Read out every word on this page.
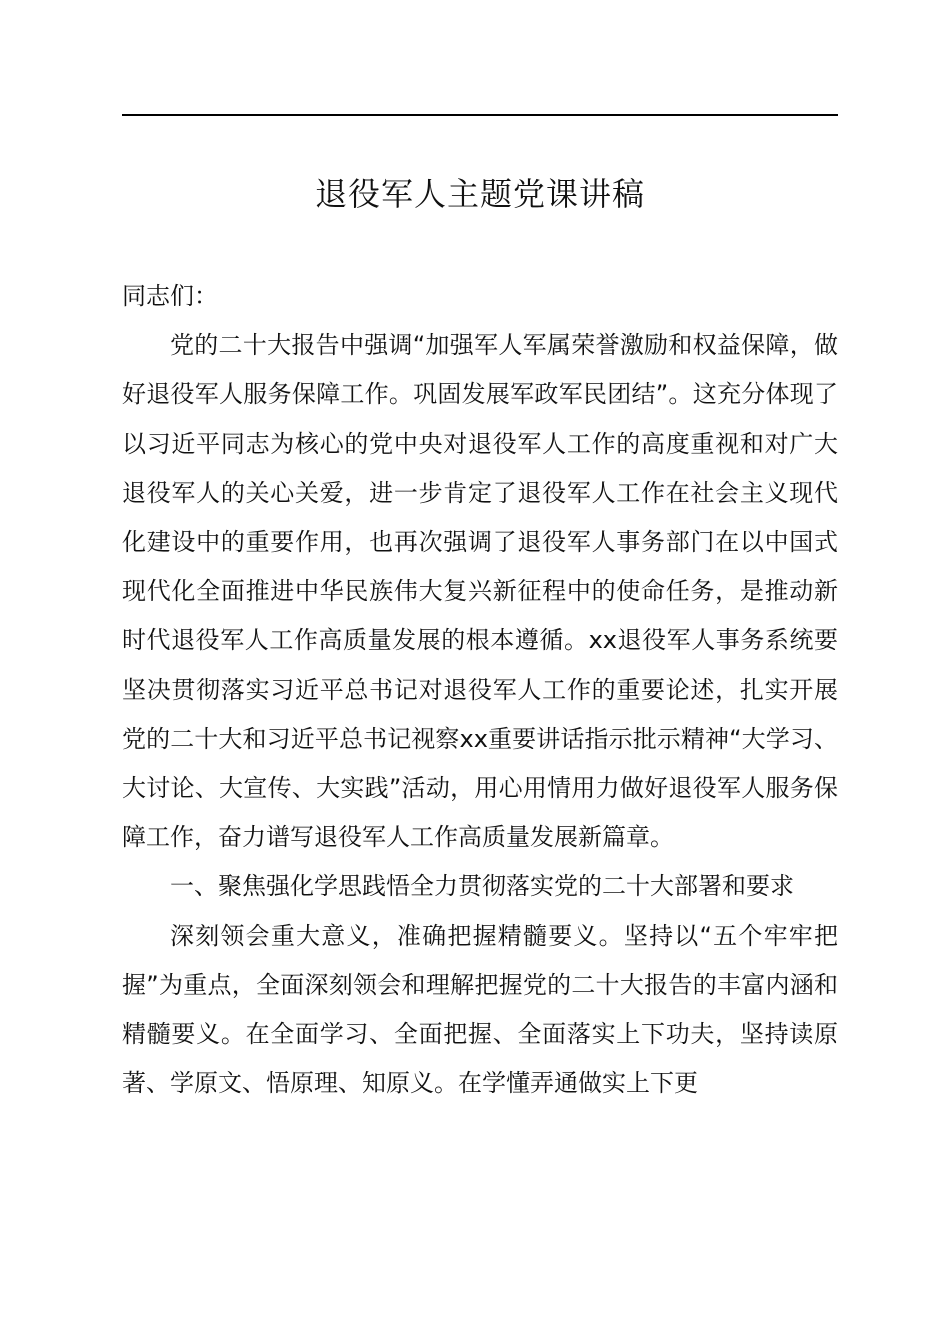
退役军人主题党课讲稿

同志们：

党的二十大报告中强调“加强军人军属荣誉激励和权益保障，做好退役军人服务保障工作。巩固发展军政军民团结”。这充分体现了以习近平同志为核心的党中央对退役军人工作的高度重视和对广大退役军人的关心关爱，进一步肯定了退役军人工作在社会主义现代化建设中的重要作用，也再次强调了退役军人事务部门在以中国式现代化全面推进中华民族伟大复兴新征程中的使命任务，是推动新时代退役军人工作高质量发展的根本遵循。xx退役军人事务系统要坚决贯彻落实习近平总书记对退役军人工作的重要论述，扎实开展党的二十大和习近平总书记视察xx重要讲话指示批示精神“大学习、大讨论、大宣传、大实践”活动，用心用情用力做好退役军人服务保障工作，奋力谱写退役军人工作高质量发展新篇章。

一、聚焦强化学思践悟全力贯彻落实党的二十大部署和要求

深刻领会重大意义，准确把握精髓要义。坚持以“五个牢牢把握”为重点，全面深刻领会和理解把握党的二十大报告的丰富内涵和精髓要义。在全面学习、全面把握、全面落实上下功夫，坚持读原著、学原文、悟原理、知原义。在学懂弄通做实上下更
